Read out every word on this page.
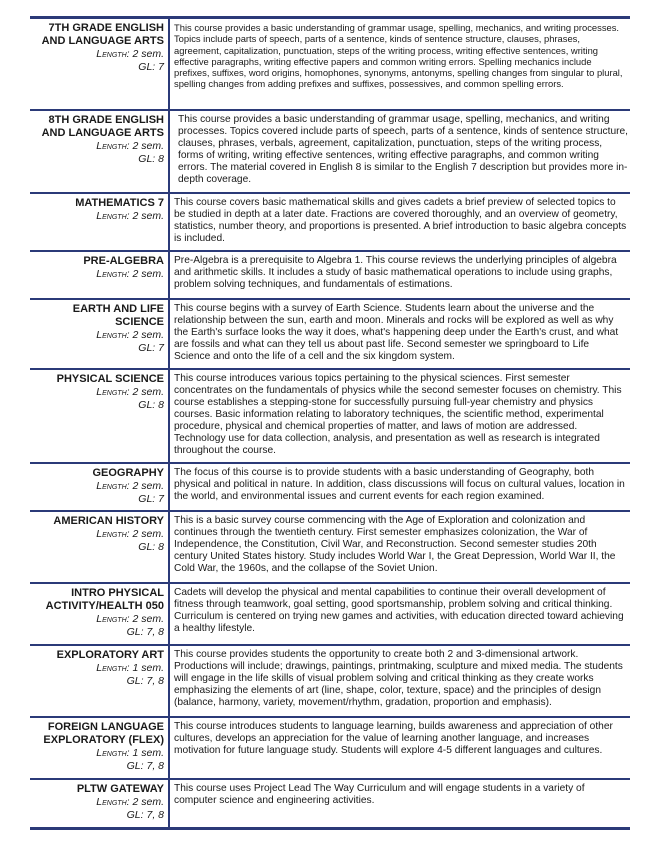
7TH GRADE ENGLISH AND LANGUAGE ARTS
Length: 2 sem.
GL: 7
This course provides a basic understanding of grammar usage, spelling, mechanics, and writing processes. Topics include parts of speech, parts of a sentence, kinds of sentence structure, clauses, phrases, agreement, capitalization, punctuation, steps of the writing process, writing effective sentences, writing effective paragraphs, writing effective papers and common writing errors. Spelling mechanics include prefixes, suffixes, word origins, homophones, synonyms, antonyms, spelling changes from singular to plural, spelling changes from adding prefixes and suffixes, possessives, and common spelling errors.
8TH GRADE ENGLISH AND LANGUAGE ARTS
Length: 2 sem.
GL: 8
This course provides a basic understanding of grammar usage, spelling, mechanics, and writing processes. Topics covered include parts of speech, parts of a sentence, kinds of sentence structure, clauses, phrases, verbals, agreement, capitalization, punctuation, steps of the writing process, forms of writing, writing effective sentences, writing effective paragraphs, and common writing errors. The material covered in English 8 is similar to the English 7 description but provides more in-depth coverage.
MATHEMATICS 7
Length: 2 sem.
This course covers basic mathematical skills and gives cadets a brief preview of selected topics to be studied in depth at a later date. Fractions are covered thoroughly, and an overview of geometry, statistics, number theory, and proportions is presented. A brief introduction to basic algebra concepts is included.
PRE-ALGEBRA
Length: 2 sem.
Pre-Algebra is a prerequisite to Algebra 1. This course reviews the underlying principles of algebra and arithmetic skills. It includes a study of basic mathematical operations to include using graphs, problem solving techniques, and fundamentals of estimations.
EARTH AND LIFE SCIENCE
Length: 2 sem.
GL: 7
This course begins with a survey of Earth Science. Students learn about the universe and the relationship between the sun, earth and moon. Minerals and rocks will be explored as well as why the Earth's surface looks the way it does, what's happening deep under the Earth's crust, and what are fossils and what can they tell us about past life. Second semester we springboard to Life Science and onto the life of a cell and the six kingdom system.
PHYSICAL SCIENCE
Length: 2 sem.
GL: 8
This course introduces various topics pertaining to the physical sciences. First semester concentrates on the fundamentals of physics while the second semester focuses on chemistry. This course establishes a stepping-stone for successfully pursuing full-year chemistry and physics courses. Basic information relating to laboratory techniques, the scientific method, experimental procedure, physical and chemical properties of matter, and laws of motion are addressed. Technology use for data collection, analysis, and presentation as well as research is integrated throughout the course.
GEOGRAPHY
Length: 2 sem.
GL: 7
The focus of this course is to provide students with a basic understanding of Geography, both physical and political in nature. In addition, class discussions will focus on cultural values, location in the world, and environmental issues and current events for each region examined.
AMERICAN HISTORY
Length: 2 sem.
GL: 8
This is a basic survey course commencing with the Age of Exploration and colonization and continues through the twentieth century. First semester emphasizes colonization, the War of Independence, the Constitution, Civil War, and Reconstruction. Second semester studies 20th century United States history. Study includes World War I, the Great Depression, World War II, the Cold War, the 1960s, and the collapse of the Soviet Union.
INTRO PHYSICAL ACTIVITY/HEALTH 050
Length: 2 sem.
GL: 7, 8
Cadets will develop the physical and mental capabilities to continue their overall development of fitness through teamwork, goal setting, good sportsmanship, problem solving and critical thinking. Curriculum is centered on trying new games and activities, with education directed toward achieving a healthy lifestyle.
EXPLORATORY ART
Length: 1 sem.
GL: 7, 8
This course provides students the opportunity to create both 2 and 3-dimensional artwork. Productions will include; drawings, paintings, printmaking, sculpture and mixed media. The students will engage in the life skills of visual problem solving and critical thinking as they create works emphasizing the elements of art (line, shape, color, texture, space) and the principles of design (balance, harmony, variety, movement/rhythm, gradation, proportion and emphasis).
FOREIGN LANGUAGE EXPLORATORY (FLEX)
Length: 1 sem.
GL: 7, 8
This course introduces students to language learning, builds awareness and appreciation of other cultures, develops an appreciation for the value of learning another language, and increases motivation for future language study. Students will explore 4-5 different languages and cultures.
PLTW GATEWAY
Length: 2 sem.
GL: 7, 8
This course uses Project Lead The Way Curriculum and will engage students in a variety of computer science and engineering activities.
